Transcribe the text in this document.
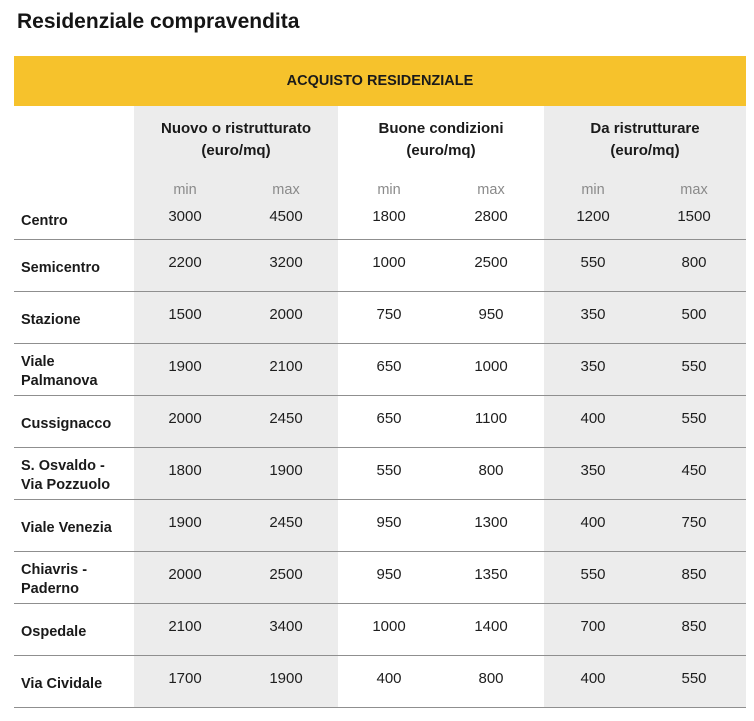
Residenziale compravendita
ACQUISTO RESIDENZIALE
Nuovo o ristrutturato
(euro/mq)
Buone condizioni
(euro/mq)
Da ristrutturare
(euro/mq)
min	max	min	max	min	max
Centro	3000	4500	1800	2800	1200	1500
Semicentro	2200	3200	1000	2500	550	800
Stazione	1500	2000	750	950	350	500
Viale
Palmanova
1900	2100	650	1000	350	550
Cussignacco	2000	2450	650	1100	400	550
S. Osvaldo -
Via Pozzuolo
1800	1900	550	800	350	450
Viale Venezia	1900	2450	950	1300	400	750
Chiavris -
Paderno
2000	2500	950	1350	550	850
Ospedale	2100	3400	1000	1400	700	850
Via Cividale	1700	1900	400	800	400	550
